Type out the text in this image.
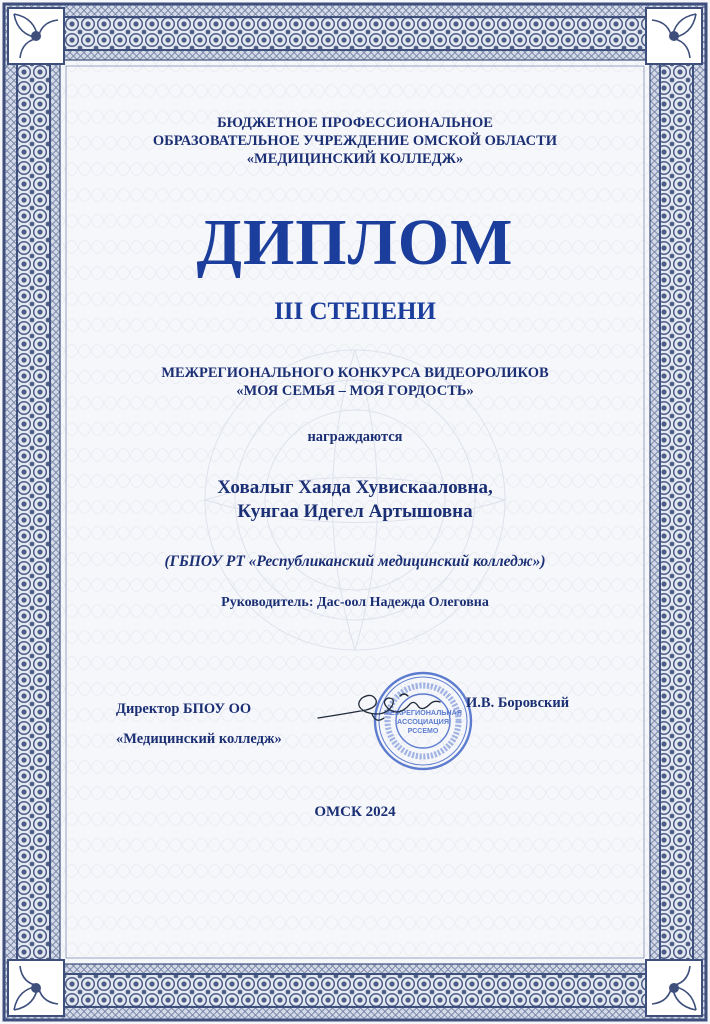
БЮДЖЕТНОЕ ПРОФЕССИОНАЛЬНОЕ
ОБРАЗОВАТЕЛЬНОЕ УЧРЕЖДЕНИЕ ОМСКОЙ ОБЛАСТИ
«МЕДИЦИНСКИЙ КОЛЛЕДЖ»
ДИПЛОМ
III СТЕПЕНИ
МЕЖРЕГИОНАЛЬНОГО КОНКУРСА ВИДЕОРОЛИКОВ
«МОЯ СЕМЬЯ – МОЯ ГОРДОСТЬ»
награждаются
Ховалыг Хаяда Хувискааловна,
Кунгаа Идегел Артышовна
(ГБПОУ РТ «Республиканский медицинский колледж»)
Руководитель: Дас-оол Надежда Олеговна
Директор БПОУ ОО
«Медицинский колледж»
МЕЖРЕГИОНАЛЬНАЯ
АССОЦИАЦИЯ
РССЕМО
И.В. Боровский
ОМСК 2024
